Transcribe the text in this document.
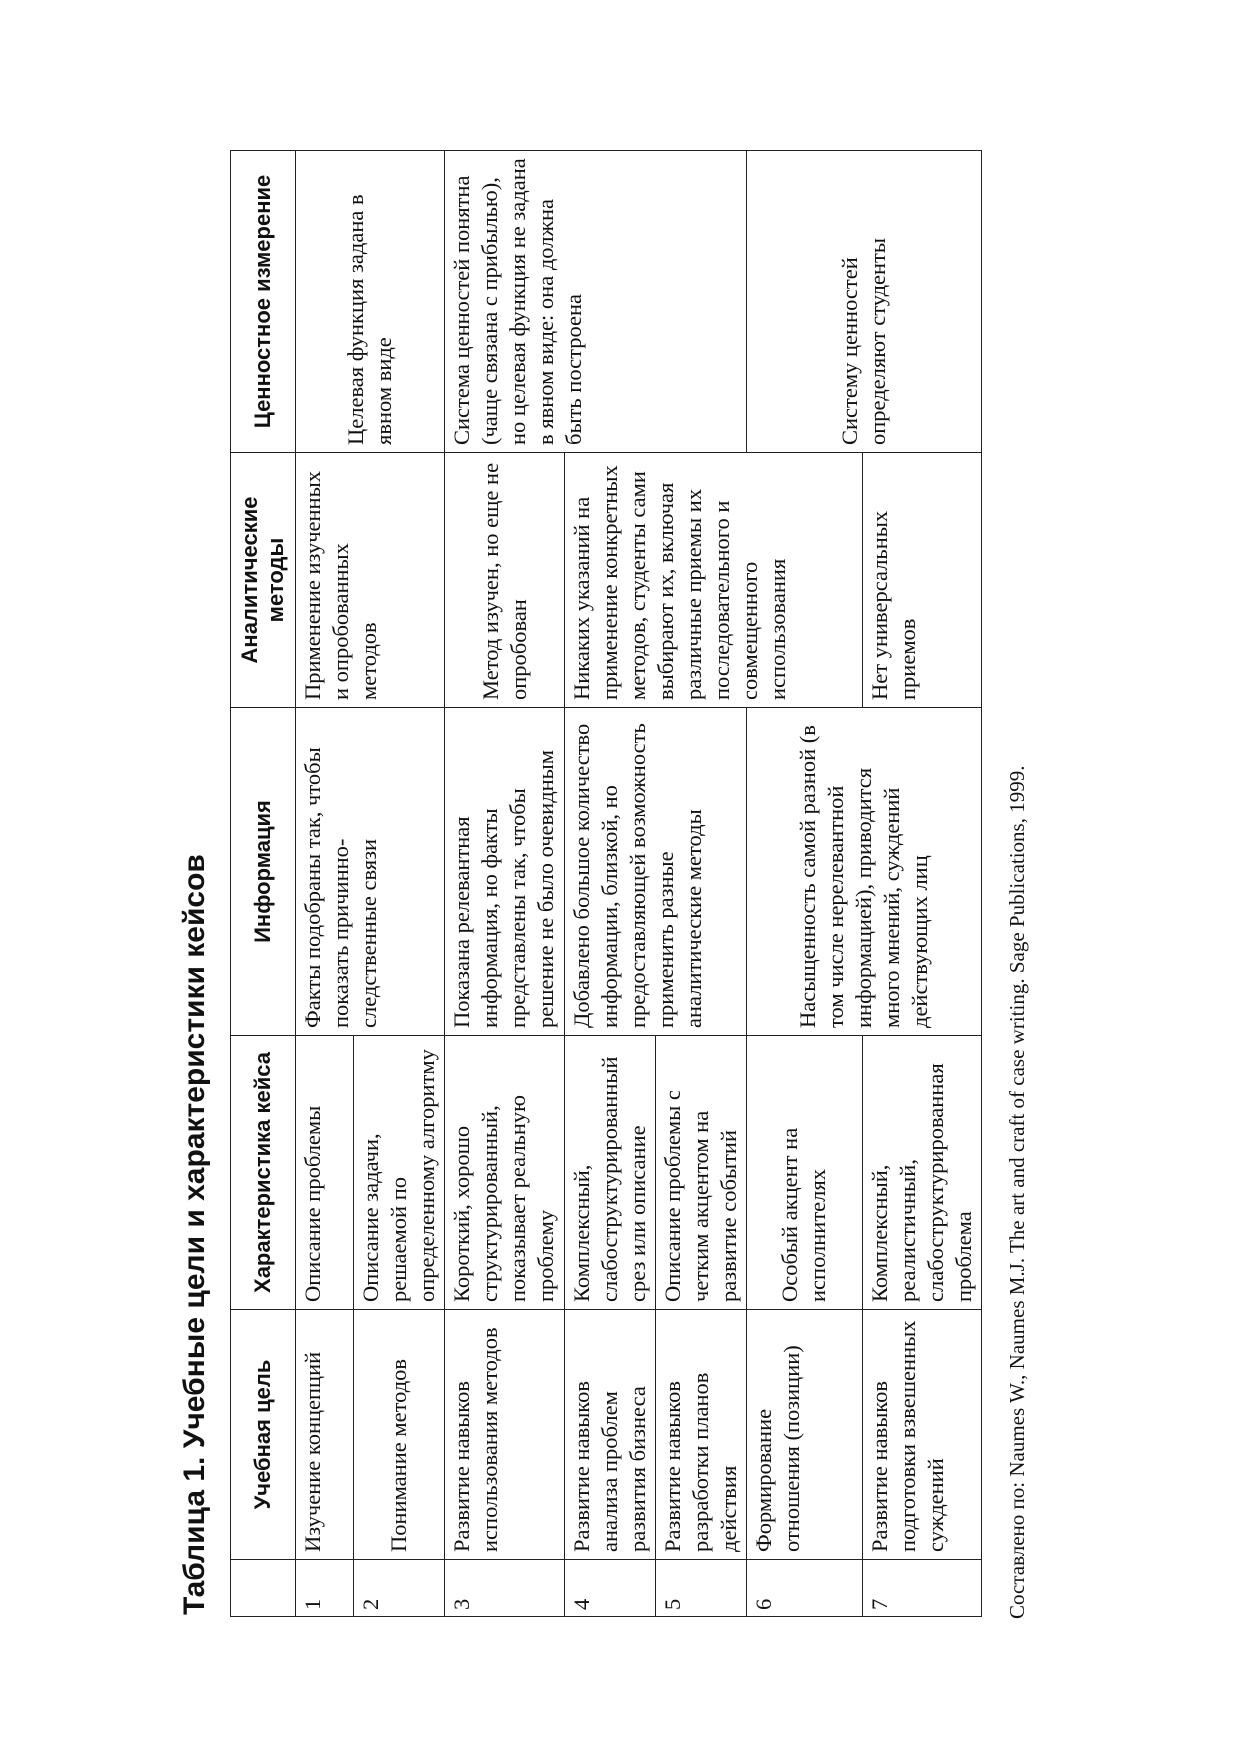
Таблица 1. Учебные цели и характеристики кейсов
	Учебная цель	Характеристика кейса	Информация	Аналитические методы	Ценностное измерение
1	Изучение концепций	Описание проблемы	Факты подобраны так, чтобы показать причинно-следственные связи	Применение изученных и опробованных методов	Целевая функция задана в явном виде
2	Понимание методов	Описание задачи, решаемой по определенному алгоритму			
3	Развитие навыков использования методов	Короткий, хорошо структурированный, показывает реальную проблему	Показана релевантная информация, но факты представлены так, чтобы решение не было очевидным	Метод изучен, но еще не опробован	Система ценностей понятна (чаще связана с прибылью), но целевая функция не задана в явном виде: она должна быть построена
4	Развитие навыков анализа проблем развития бизнеса	Комплексный, слабоструктурированный срез или описание	Добавлено большое количество информации, близкой, но предоставляющей возможность применить разные аналитические методы	Никаких указаний на применение конкретных методов, студенты сами выбирают их, включая различные приемы их последовательного и совмещенного использования	
5	Развитие навыков разработки планов действия	Описание проблемы с четким акцентом на развитие событий			
6	Формирование отношения (позиции)	Особый акцент на исполнителях	Насыщенность самой разной (в том числе нерелевантной информацией), приводится много мнений, суждений действующих лиц		Систему ценностей определяют студенты
7	Развитие навыков подготовки взвешенных суждений	Комплексный, реалистичный, слабоструктурированная проблема		Нет универсальных приемов	
Составлено по: Naumes W., Naumes M.J. The art and craft of case writing. Sage Publications, 1999.
